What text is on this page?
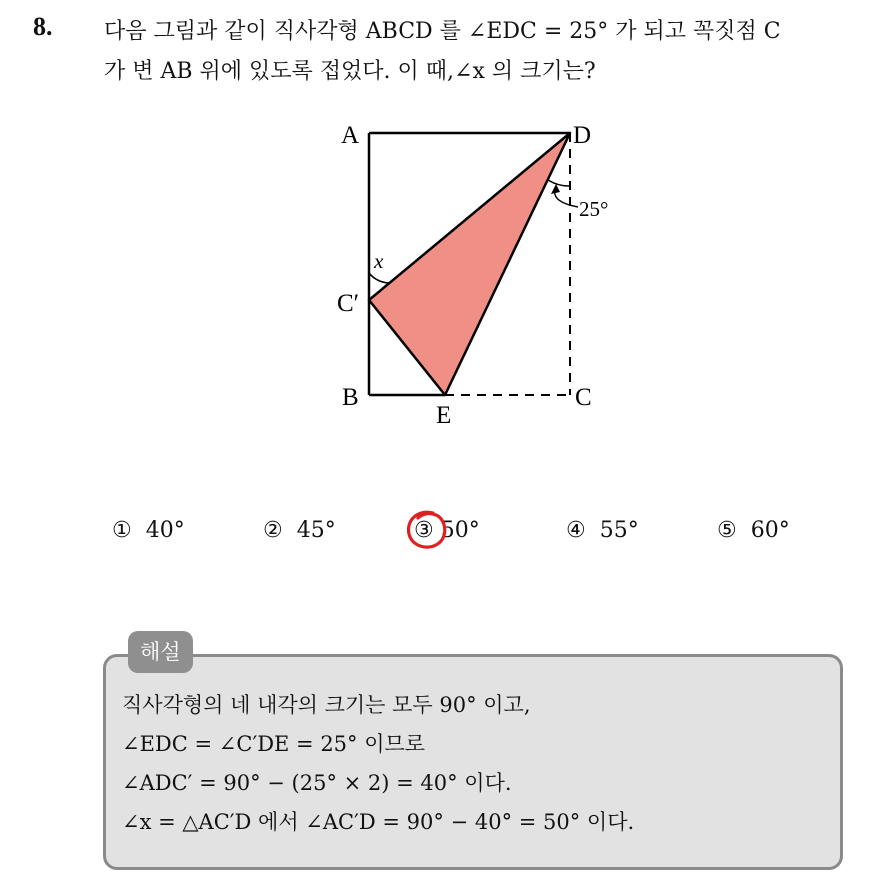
8. 다음 그림과 같이 직사각형 ABCD 를 ∠EDC = 25° 가 되고 꼭짓점 C
가 변 AB 위에 있도록 접었다. 이 때,∠x 의 크기는?
A	D
B
E
C
C′
x
25°
① 40°	② 45°	③ 50°	④ 55°	⑤ 60°
해설
직사각형의 네 내각의 크기는 모두 90° 이고,
∠EDC = ∠C′DE = 25° 이므로
∠ADC′ = 90° − (25° × 2) = 40° 이다.
∠x = △AC′D 에서 ∠AC′D = 90° − 40° = 50° 이다.
